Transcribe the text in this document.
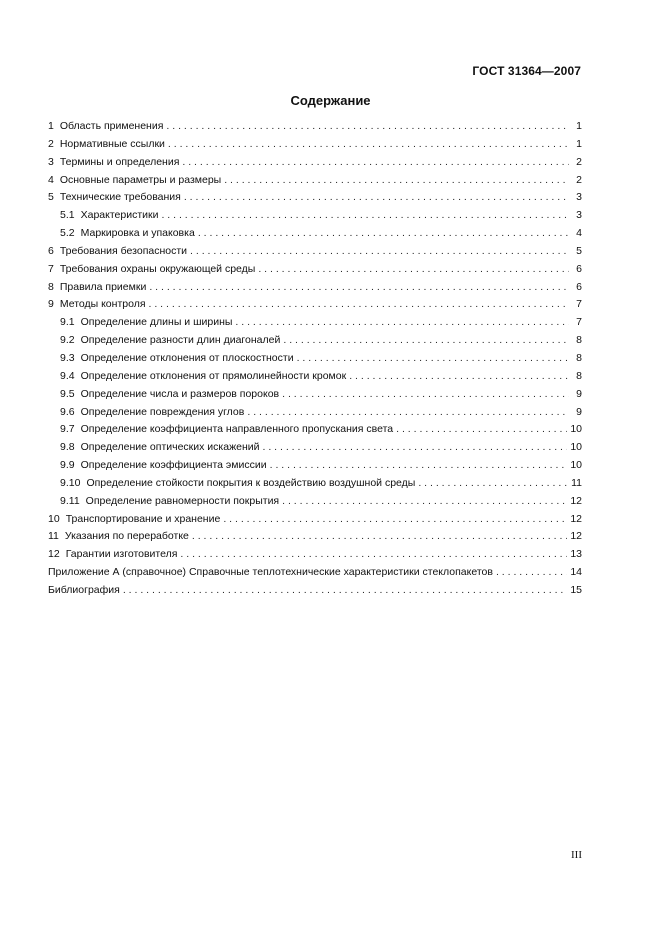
ГОСТ 31364—2007
Содержание
1 Область применения . . .	1
2 Нормативные ссылки . . .	1
3 Термины и определения . . .	2
4 Основные параметры и размеры . . .	2
5 Технические требования . . .	3
5.1 Характеристики . . .	3
5.2 Маркировка и упаковка . . .	4
6 Требования безопасности . . .	5
7 Требования охраны окружающей среды . . .	6
8 Правила приемки . . .	6
9 Методы контроля . . .	7
9.1 Определение длины и ширины . . .	7
9.2 Определение разности длин диагоналей . . .	8
9.3 Определение отклонения от плоскостности . . .	8
9.4 Определение отклонения от прямолинейности кромок . . .	8
9.5 Определение числа и размеров пороков . . .	9
9.6 Определение повреждения углов . . .	9
9.7 Определение коэффициента направленного пропускания света . . .	10
9.8 Определение оптических искажений . . .	10
9.9 Определение коэффициента эмиссии . . .	10
9.10 Определение стойкости покрытия к воздействию воздушной среды . . .	11
9.11 Определение равномерности покрытия . . .	12
10 Транспортирование и хранение . . .	12
11 Указания по переработке . . .	12
12 Гарантии изготовителя . . .	13
Приложение А (справочное) Справочные теплотехнические характеристики стеклопакетов . . .	14
Библиография . . .	15
III
